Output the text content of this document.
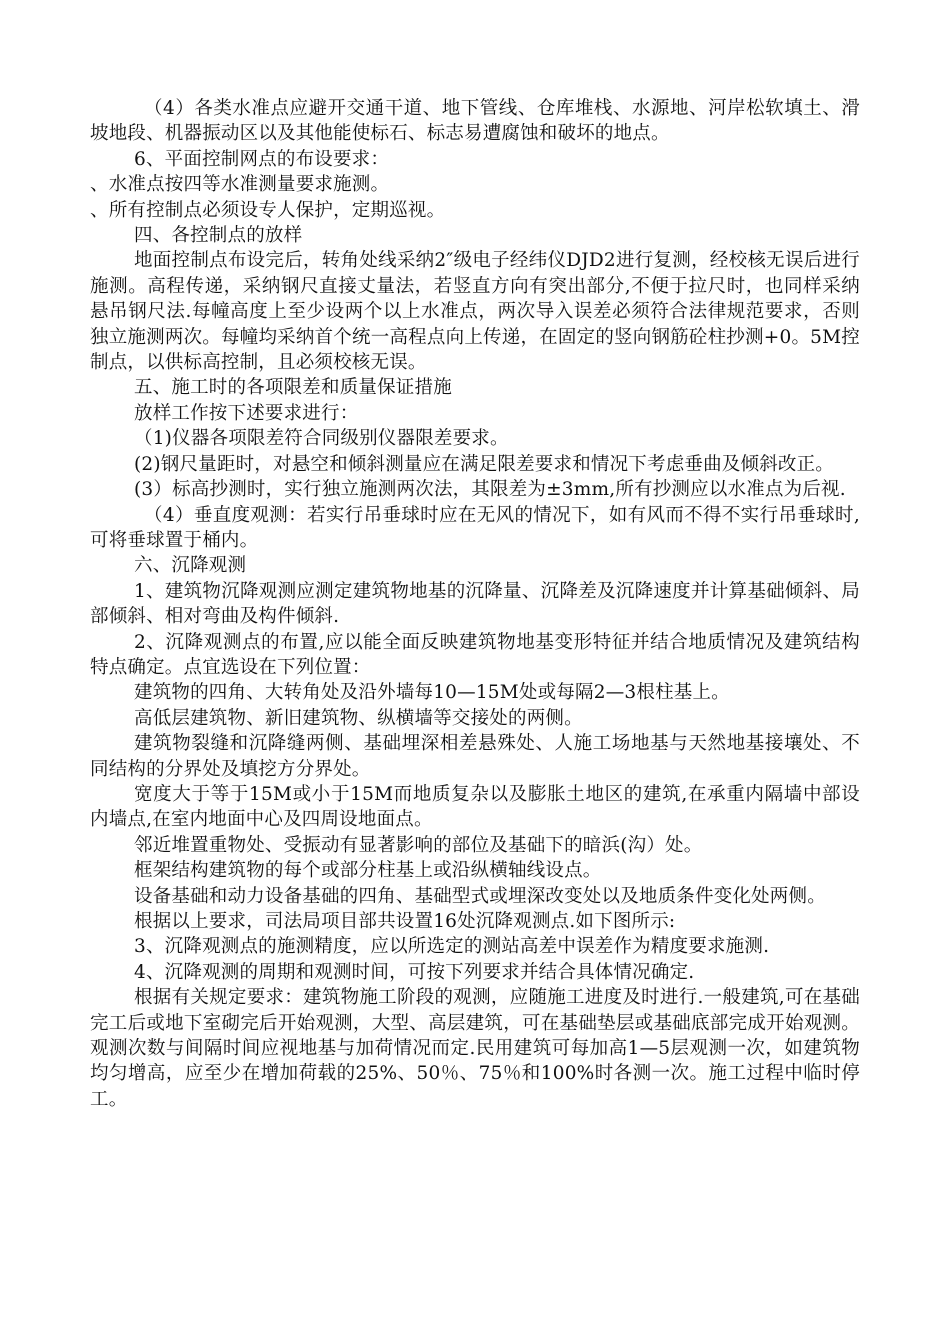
（4）各类水准点应避开交通干道、地下管线、仓库堆栈、水源地、河岸松软填土、滑坡地段、机器振动区以及其他能使标石、标志易遭腐蚀和破坏的地点。

6、平面控制网点的布设要求：

、水准点按四等水准测量要求施测。

、所有控制点必须设专人保护，定期巡视。

四、各控制点的放样

地面控制点布设完后，转角处线采纳2″级电子经纬仪DJD2进行复测，经校核无误后进行施测。高程传递，采纳钢尺直接丈量法，若竖直方向有突出部分,不便于拉尺时，也同样采纳悬吊钢尺法.每幢高度上至少设两个以上水准点，两次导入误差必须符合法律规范要求，否则独立施测两次。每幢均采纳首个统一高程点向上传递，在固定的竖向钢筋砼柱抄测+0。5M控制点，以供标高控制，且必须校核无误。

五、施工时的各项限差和质量保证措施

放样工作按下述要求进行：

（1)仪器各项限差符合同级别仪器限差要求。

(2)钢尺量距时，对悬空和倾斜测量应在满足限差要求和情况下考虑垂曲及倾斜改正。

(3）标高抄测时，实行独立施测两次法，其限差为±3mm,所有抄测应以水准点为后视.

（4）垂直度观测：若实行吊垂球时应在无风的情况下，如有风而不得不实行吊垂球时,可将垂球置于桶内。

六、沉降观测

1、建筑物沉降观测应测定建筑物地基的沉降量、沉降差及沉降速度并计算基础倾斜、局部倾斜、相对弯曲及构件倾斜.

2、沉降观测点的布置,应以能全面反映建筑物地基变形特征并结合地质情况及建筑结构特点确定。点宜选设在下列位置：

建筑物的四角、大转角处及沿外墙每10—15M处或每隔2—3根柱基上。

高低层建筑物、新旧建筑物、纵横墙等交接处的两侧。

建筑物裂缝和沉降缝两侧、基础埋深相差悬殊处、人施工场地基与天然地基接壤处、不同结构的分界处及填挖方分界处。

宽度大于等于15M或小于15M而地质复杂以及膨胀土地区的建筑,在承重内隔墙中部设内墙点,在室内地面中心及四周设地面点。

邻近堆置重物处、受振动有显著影响的部位及基础下的暗浜(沟）处。

框架结构建筑物的每个或部分柱基上或沿纵横轴线设点。

设备基础和动力设备基础的四角、基础型式或埋深改变处以及地质条件变化处两侧。

根据以上要求，司法局项目部共设置16处沉降观测点.如下图所示:

3、沉降观测点的施测精度，应以所选定的测站高差中误差作为精度要求施测.

4、沉降观测的周期和观测时间，可按下列要求并结合具体情况确定.

根据有关规定要求：建筑物施工阶段的观测，应随施工进度及时进行.一般建筑,可在基础完工后或地下室砌完后开始观测，大型、高层建筑，可在基础垫层或基础底部完成开始观测。观测次数与间隔时间应视地基与加荷情况而定.民用建筑可每加高1—5层观测一次，如建筑物均匀增高，应至少在增加荷载的25%、50％、75％和100%时各测一次。施工过程中临时停工。
